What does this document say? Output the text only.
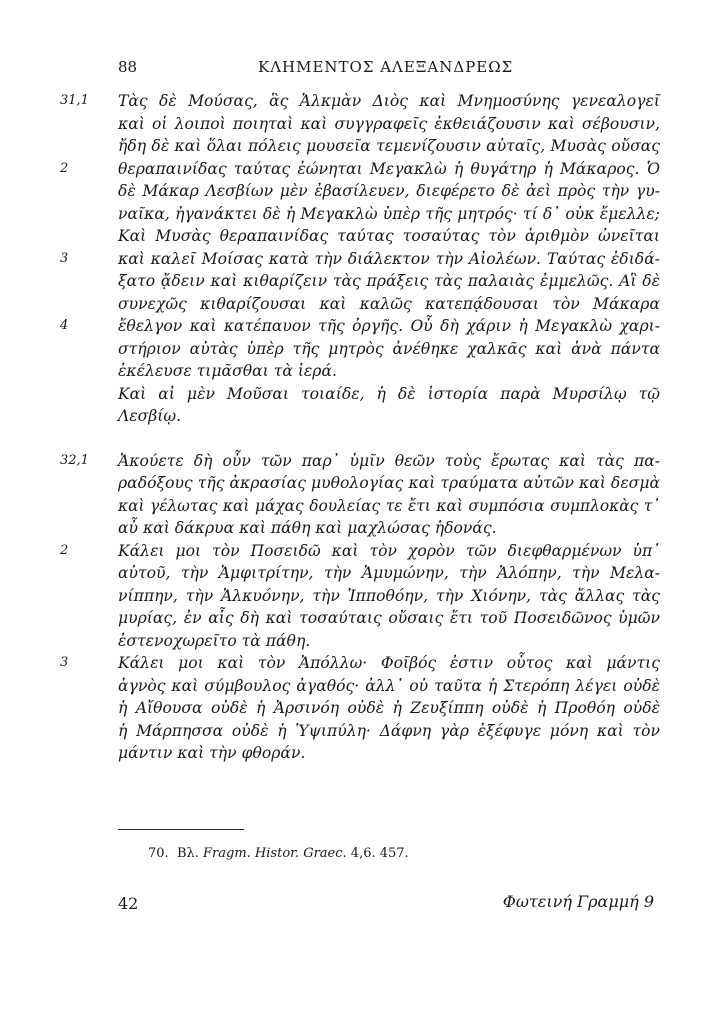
88	ΚΛΗΜΕΝΤΟΣ ΑΛΕΞΑΝΔΡΕΩΣ
31,1 Τὰς δὲ Μούσας, ἃς Ἀλκμὰν Διὸς καὶ Μνημοσύνης γενεαλογεῖ
καὶ οἱ λοιποὶ ποιηταὶ καὶ συγγραφεῖς ἐκθειάζουσιν καὶ σέβουσιν,
ἤδη δὲ καὶ ὅλαι πόλεις μουσεῖα τεμενίζουσιν αὐταῖς, Μυσὰς οὔσας
2	θεραπαινίδας ταύτας ἐώνηται Μεγακλὼ ἡ θυγάτηρ ἡ Μάκαρος. Ὁ
δὲ Μάκαρ Λεσβίων μὲν ἐβασίλευεν, διεφέρετο δὲ ἀεὶ πρὸς τὴν γυ-
ναῖκα, ἠγανάκτει δὲ ἡ Μεγακλὼ ὑπὲρ τῆς μητρός· τί δ᾽ οὐκ ἔμελλε;
Καὶ Μυσὰς θεραπαινίδας ταύτας τοσαύτας τὸν ἀριθμὸν ὠνεῖται
3	καὶ καλεῖ Μοίσας κατὰ τὴν διάλεκτον τὴν Αἰολέων. Ταύτας ἐδιδά-
ξατο ᾄδειν καὶ κιθαρίζειν τὰς πράξεις τὰς παλαιὰς ἐμμελῶς. Αἳ δὲ
συνεχῶς κιθαρίζουσαι καὶ καλῶς κατεπᾴδουσαι τὸν Μάκαρα
4	ἔθελγον καὶ κατέπαυον τῆς ὀργῆς. Οὗ δὴ χάριν ἡ Μεγακλὼ χαρι-
στήριον αὐτὰς ὑπὲρ τῆς μητρὸς ἀνέθηκε χαλκᾶς καὶ ἀνὰ πάντα
ἐκέλευσε τιμᾶσθαι τὰ ἱερά.
Καὶ αἱ μὲν Μοῦσαι τοιαίδε, ἡ δὲ ἱστορία παρὰ Μυρσίλῳ τῷ
Λεσβίῳ.
32,1 Ἀκούετε δὴ οὖν τῶν παρ᾽ ὑμῖν θεῶν τοὺς ἔρωτας καὶ τὰς πα-
ραδόξους τῆς ἀκρασίας μυθολογίας καὶ τραύματα αὐτῶν καὶ δεσμὰ
καὶ γέλωτας καὶ μάχας δουλείας τε ἔτι καὶ συμπόσια συμπλοκὰς τ᾽
αὖ καὶ δάκρυα καὶ πάθη καὶ μαχλώσας ἡδονάς.
2	Κάλει μοι τὸν Ποσειδῶ καὶ τὸν χορὸν τῶν διεφθαρμένων ὑπ᾽
αὐτοῦ, τὴν Ἀμφιτρίτην, τὴν Ἀμυμώνην, τὴν Ἀλόπην, τὴν Μελα-
νίππην, τὴν Ἀλκυόνην, τὴν Ἱπποθόην, τὴν Χιόνην, τὰς ἄλλας τὰς
μυρίας, ἐν αἷς δὴ καὶ τοσαύταις οὔσαις ἔτι τοῦ Ποσειδῶνος ὑμῶν
ἐστενοχωρεῖτο τὰ πάθη.
3	Κάλει μοι καὶ τὸν Ἀπόλλω· Φοῖβός ἐστιν οὗτος καὶ μάντις
ἁγνὸς καὶ σύμβουλος ἀγαθός· ἀλλ᾽ οὐ ταῦτα ἡ Στερόπη λέγει οὐδὲ
ἡ Αἴθουσα οὐδὲ ἡ Ἀρσινόη οὐδὲ ἡ Ζευξίππη οὐδὲ ἡ Προθόη οὐδὲ
ἡ Μάρπησσα οὐδὲ ἡ Ὑψιπύλη· Δάφνη γὰρ ἐξέφυγε μόνη καὶ τὸν
μάντιν καὶ τὴν φθοράν.
70. Βλ. Fragm. Histor. Graec. 4,6. 457.
42	Φωτεινή Γραμμή 9
